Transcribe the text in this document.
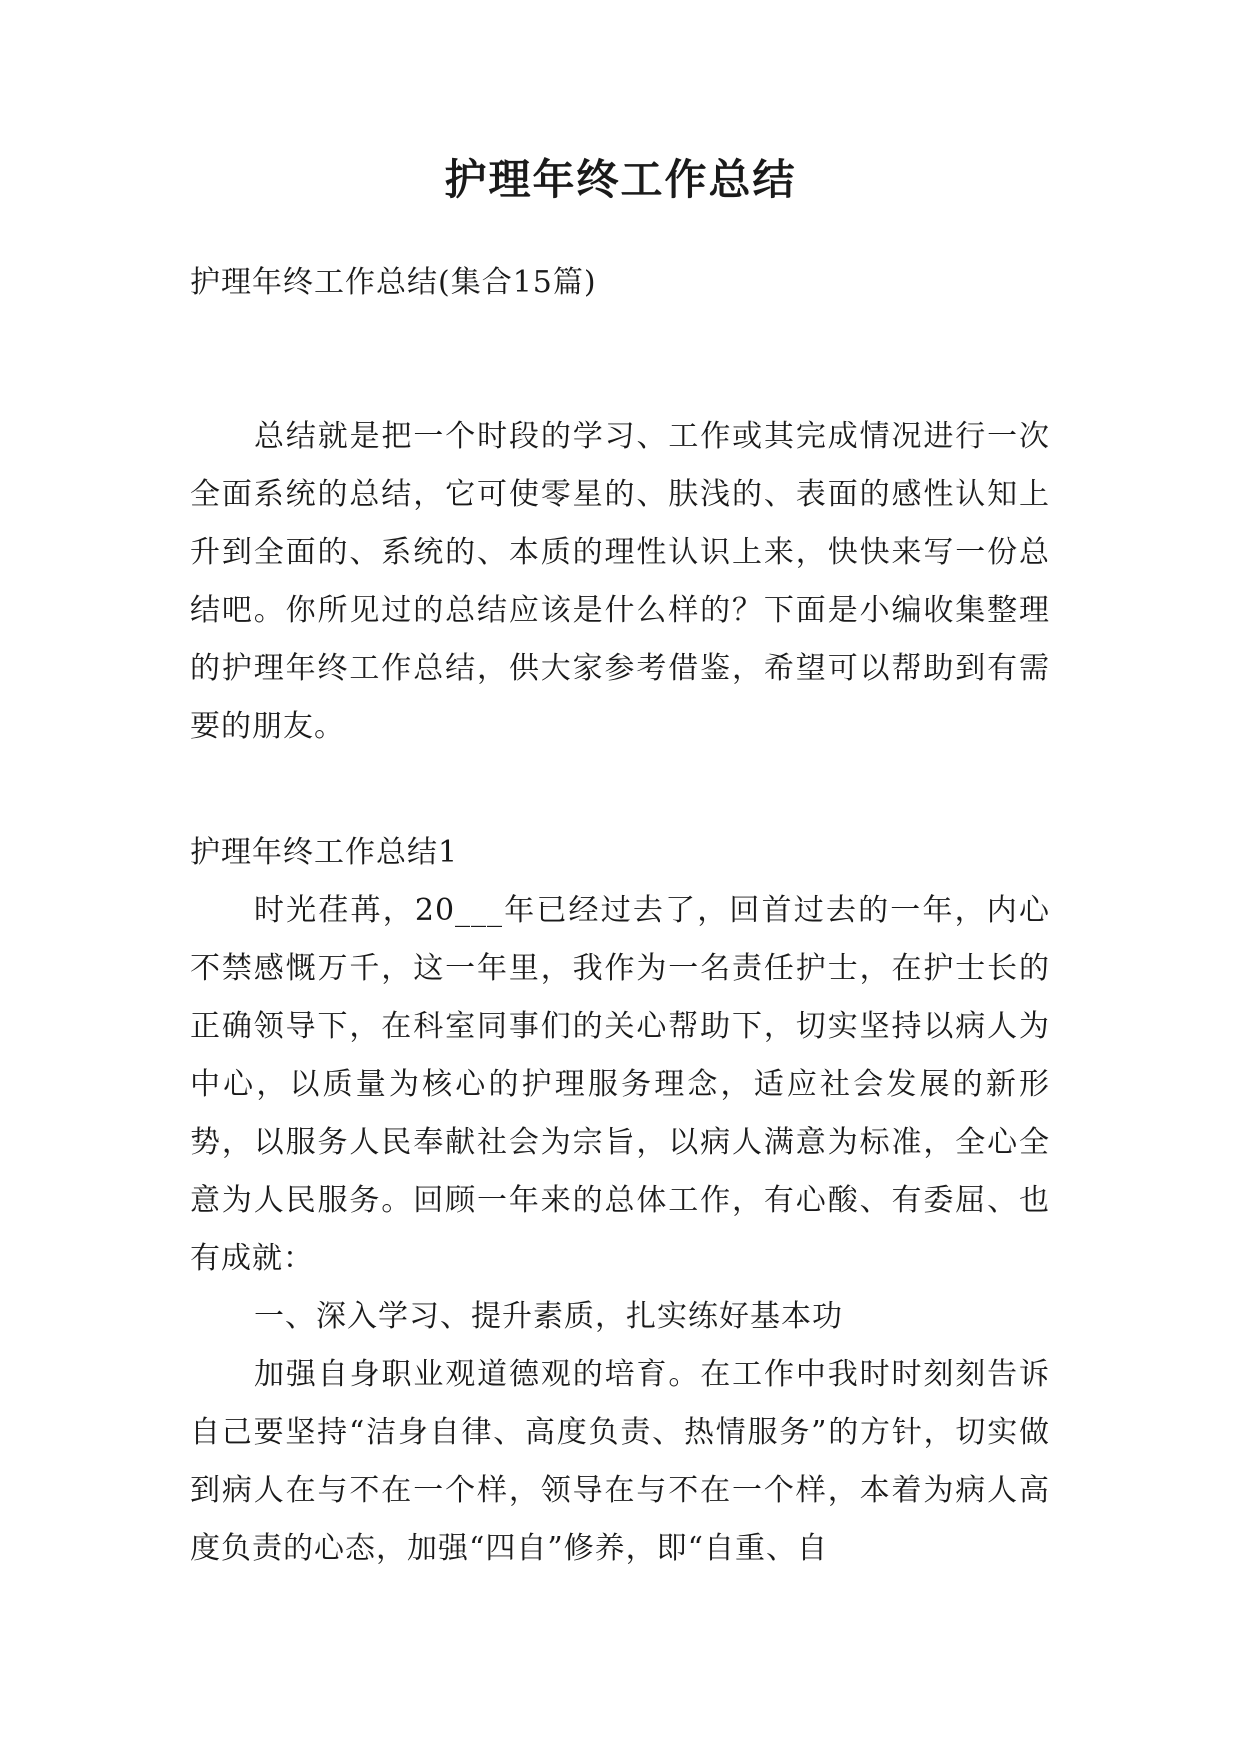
护理年终工作总结
护理年终工作总结(集合15篇)
总结就是把一个时段的学习、工作或其完成情况进行一次全面系统的总结，它可使零星的、肤浅的、表面的感性认知上升到全面的、系统的、本质的理性认识上来，快快来写一份总结吧。你所见过的总结应该是什么样的？下面是小编收集整理的护理年终工作总结，供大家参考借鉴，希望可以帮助到有需要的朋友。
护理年终工作总结1

时光荏苒，20___年已经过去了，回首过去的一年，内心不禁感慨万千，这一年里，我作为一名责任护士，在护士长的正确领导下，在科室同事们的关心帮助下，切实坚持以病人为中心，以质量为核心的护理服务理念，适应社会发展的新形势，以服务人民奉献社会为宗旨，以病人满意为标准，全心全意为人民服务。回顾一年来的总体工作，有心酸、有委屈、也有成就：

一、深入学习、提升素质，扎实练好基本功

加强自身职业观道德观的培育。在工作中我时时刻刻告诉自己要坚持“洁身自律、高度负责、热情服务”的方针，切实做到病人在与不在一个样，领导在与不在一个样，本着为病人高度负责的心态，加强“四自”修养，即“自重、自
